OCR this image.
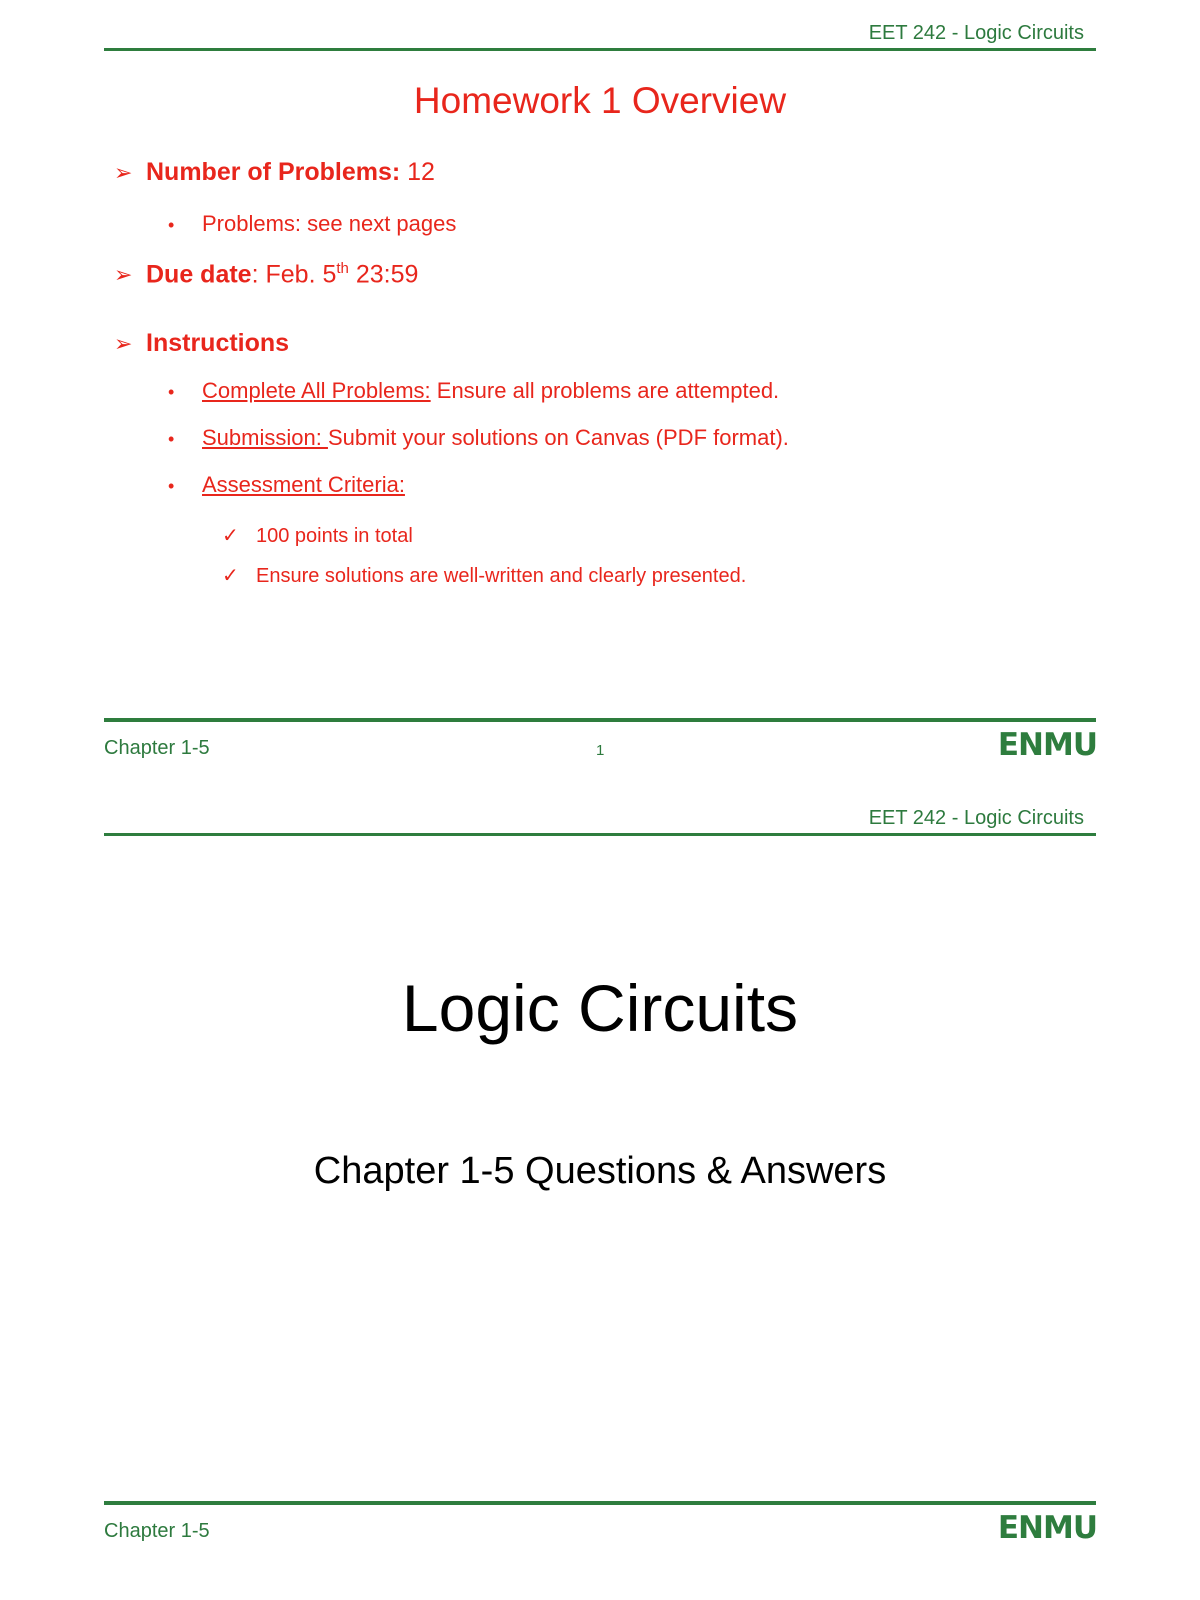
EET 242 - Logic Circuits
Homework 1 Overview
➢ Number of Problems: 12
• Problems: see next pages
➢ Due date: Feb. 5th 23:59
➢ Instructions
• Complete All Problems: Ensure all problems are attempted.
• Submission: Submit your solutions on Canvas (PDF format).
• Assessment Criteria:
✓ 100 points in total
✓ Ensure solutions are well-written and clearly presented.
Chapter 1-5	1	ENMU
EET 242 - Logic Circuits
Logic Circuits
Chapter 1-5 Questions & Answers
Chapter 1-5	ENMU
